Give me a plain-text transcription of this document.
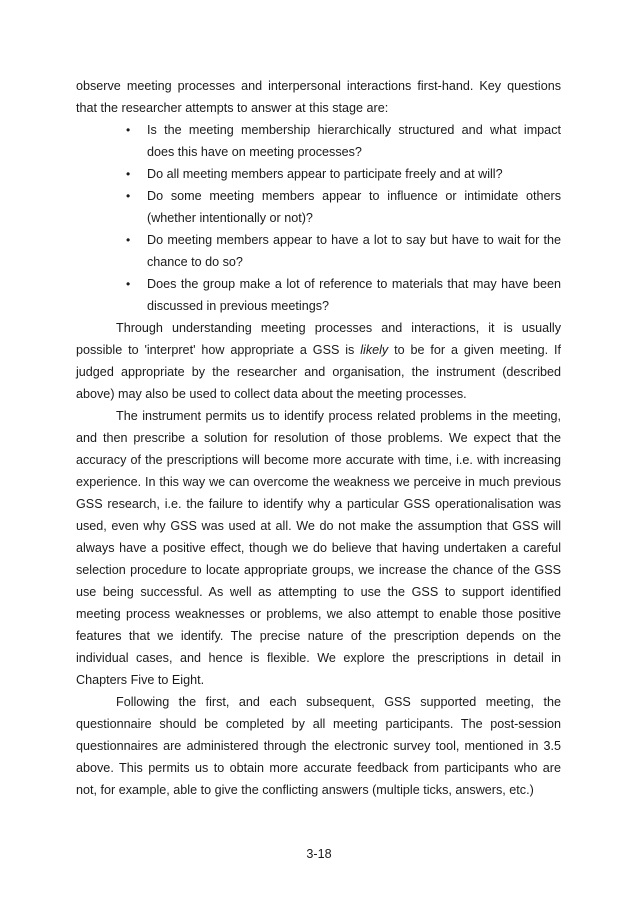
observe meeting processes and interpersonal interactions first-hand. Key questions that the researcher attempts to answer at this stage are:

•	Is the meeting membership hierarchically structured and what impact does this have on meeting processes?
•	Do all meeting members appear to participate freely and at will?
•	Do some meeting members appear to influence or intimidate others (whether intentionally or not)?
•	Do meeting members appear to have a lot to say but have to wait for the chance to do so?
•	Does the group make a lot of reference to materials that may have been discussed in previous meetings?

Through understanding meeting processes and interactions, it is usually possible to 'interpret' how appropriate a GSS is likely to be for a given meeting. If judged appropriate by the researcher and organisation, the instrument (described above) may also be used to collect data about the meeting processes.

The instrument permits us to identify process related problems in the meeting, and then prescribe a solution for resolution of those problems. We expect that the accuracy of the prescriptions will become more accurate with time, i.e. with increasing experience. In this way we can overcome the weakness we perceive in much previous GSS research, i.e. the failure to identify why a particular GSS operationalisation was used, even why GSS was used at all. We do not make the assumption that GSS will always have a positive effect, though we do believe that having undertaken a careful selection procedure to locate appropriate groups, we increase the chance of the GSS use being successful. As well as attempting to use the GSS to support identified meeting process weaknesses or problems, we also attempt to enable those positive features that we identify. The precise nature of the prescription depends on the individual cases, and hence is flexible. We explore the prescriptions in detail in Chapters Five to Eight.

Following the first, and each subsequent, GSS supported meeting, the questionnaire should be completed by all meeting participants. The post-session questionnaires are administered through the electronic survey tool, mentioned in 3.5 above. This permits us to obtain more accurate feedback from participants who are not, for example, able to give the conflicting answers (multiple ticks, answers, etc.)

3-18
